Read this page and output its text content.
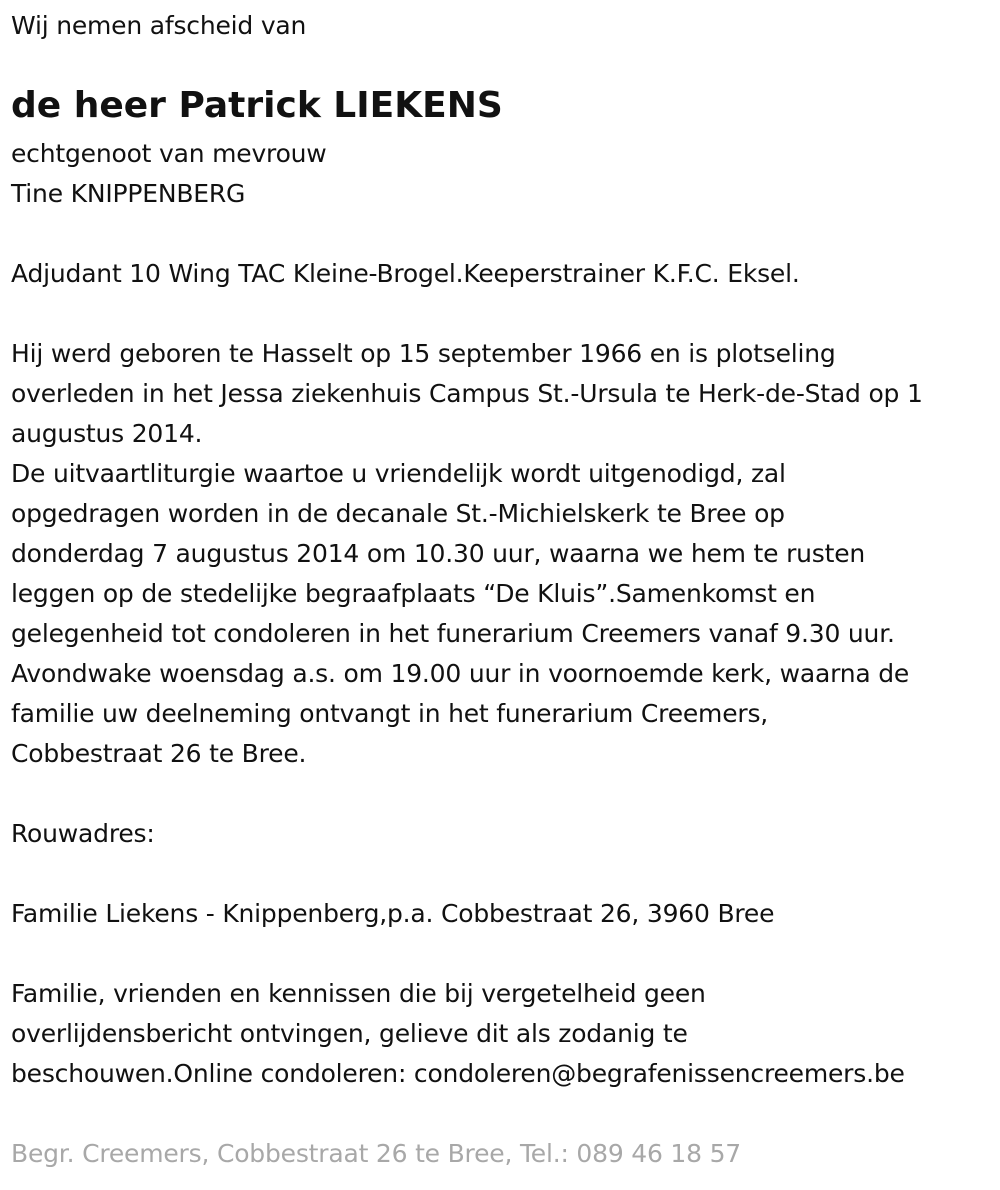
Wij nemen afscheid van
de heer Patrick LIEKENS
echtgenoot van mevrouw
Tine KNIPPENBERG
Adjudant 10 Wing TAC Kleine-Brogel.Keeperstrainer K.F.C. Eksel.
Hij werd geboren te Hasselt op 15 september 1966 en is plotseling
overleden in het Jessa ziekenhuis Campus St.-Ursula te Herk-de-Stad op 1
augustus 2014.
De uitvaartliturgie waartoe u vriendelijk wordt uitgenodigd, zal
opgedragen worden in de decanale St.-Michielskerk te Bree op
donderdag 7 augustus 2014 om 10.30 uur, waarna we hem te rusten
leggen op de stedelijke begraafplaats “De Kluis”.Samenkomst en
gelegenheid tot condoleren in het funerarium Creemers vanaf 9.30 uur.
Avondwake woensdag a.s. om 19.00 uur in voornoemde kerk, waarna de
familie uw deelneming ontvangt in het funerarium Creemers,
Cobbestraat 26 te Bree.
Rouwadres:
Familie Liekens - Knippenberg,p.a. Cobbestraat 26, 3960 Bree
Familie, vrienden en kennissen die bij vergetelheid geen
overlijdensbericht ontvingen, gelieve dit als zodanig te
beschouwen.Online condoleren: condoleren@begrafenissencreemers.be
Begr. Creemers, Cobbestraat 26 te Bree, Tel.: 089 46 18 57
